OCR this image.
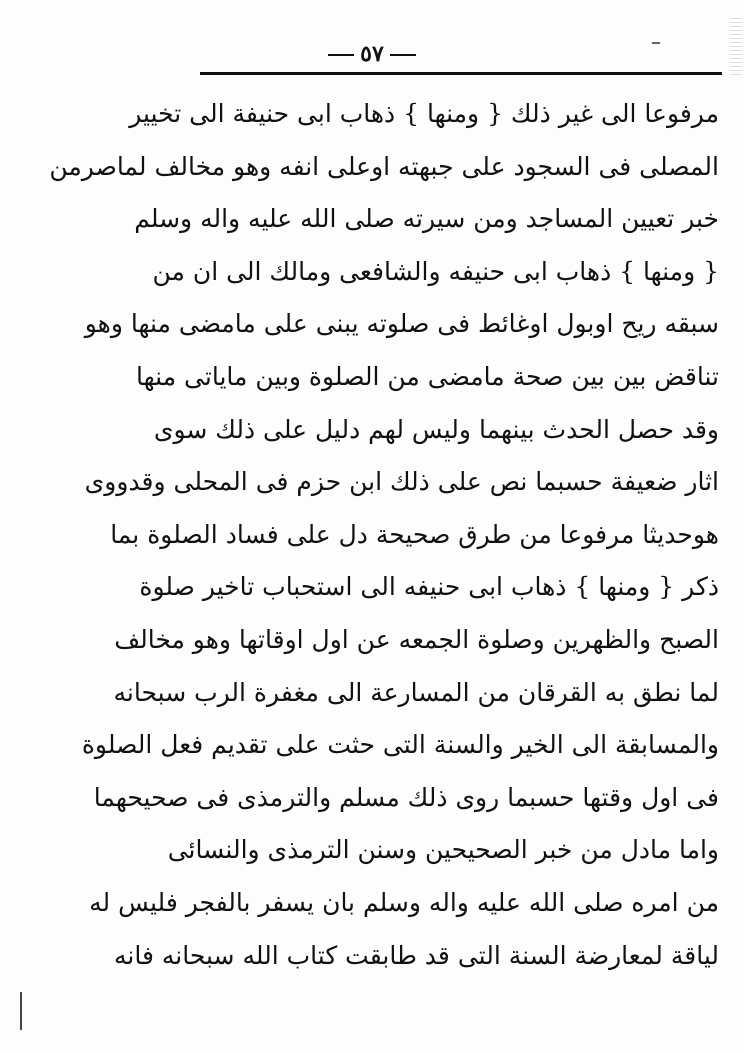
٥٧
مرفوعا الى غير ذلك { ومنها } ذهاب ابى حنيفة الى تخيير
المصلى فى السجود على جبهته اوعلى انفه وهو مخالف لماصرمن
خبر تعيين المساجد ومن سيرته صلى الله عليه واله وسلم
{ ومنها } ذهاب ابى حنيفه والشافعى ومالك الى ان من
سبقه ريح اوبول اوغائط فى صلوته يبنى على مامضى منها وهو
تناقض بين بين صحة مامضى من الصلوة وبين ماياتى منها
وقد حصل الحدث بينهما وليس لهم دليل على ذلك سوى
اثار ضعيفة حسبما نص على ذلك ابن حزم فى المحلى وقدووى
هوحديثا مرفوعا من طرق صحيحة دل على فساد الصلوة بما
ذكر { ومنها } ذهاب ابى حنيفه الى استحباب تاخير صلوة
الصبح والظهرين وصلوة الجمعه عن اول اوقاتها وهو مخالف
لما نطق به القرقان من المسارعة الى مغفرة الرب سبحانه
والمسابقة الى الخير والسنة التى حثت على تقديم فعل الصلوة
فى اول وقتها حسبما روى ذلك مسلم والترمذى فى صحيحهما
واما مادل من خبر الصحيحين وسنن الترمذى والنسائى
من امره صلى الله عليه واله وسلم بان يسفر بالفجر فليس له
لياقة لمعارضة السنة التى قد طابقت كتاب الله سبحانه فانه
